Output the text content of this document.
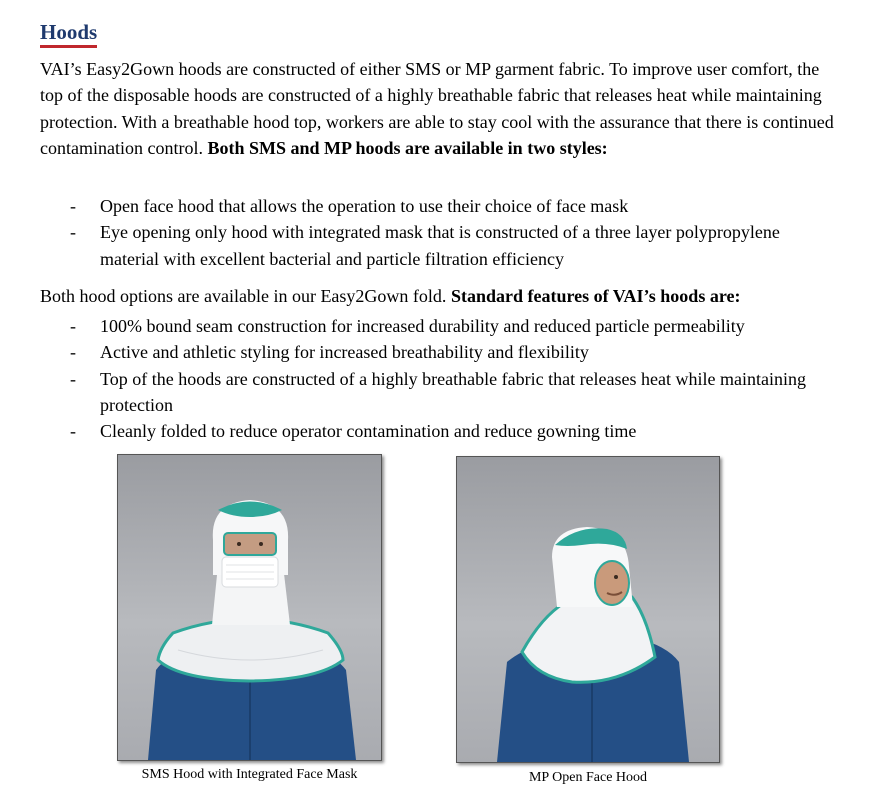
Hoods

VAI’s Easy2Gown hoods are constructed of either SMS or MP garment fabric. To improve user comfort, the top of the disposable hoods are constructed of a highly breathable fabric that releases heat while maintaining protection. With a breathable hood top, workers are able to stay cool with the assurance that there is continued contamination control. Both SMS and MP hoods are available in two styles:

- Open face hood that allows the operation to use their choice of face mask
- Eye opening only hood with integrated mask that is constructed of a three layer polypropylene material with excellent bacterial and particle filtration efficiency

Both hood options are available in our Easy2Gown fold. Standard features of VAI’s hoods are:

- 100% bound seam construction for increased durability and reduced particle permeability
- Active and athletic styling for increased breathability and flexibility
- Top of the hoods are constructed of a highly breathable fabric that releases heat while maintaining protection
- Cleanly folded to reduce operator contamination and reduce gowning time
SMS Hood with Integrated Face Mask	MP Open Face Hood
